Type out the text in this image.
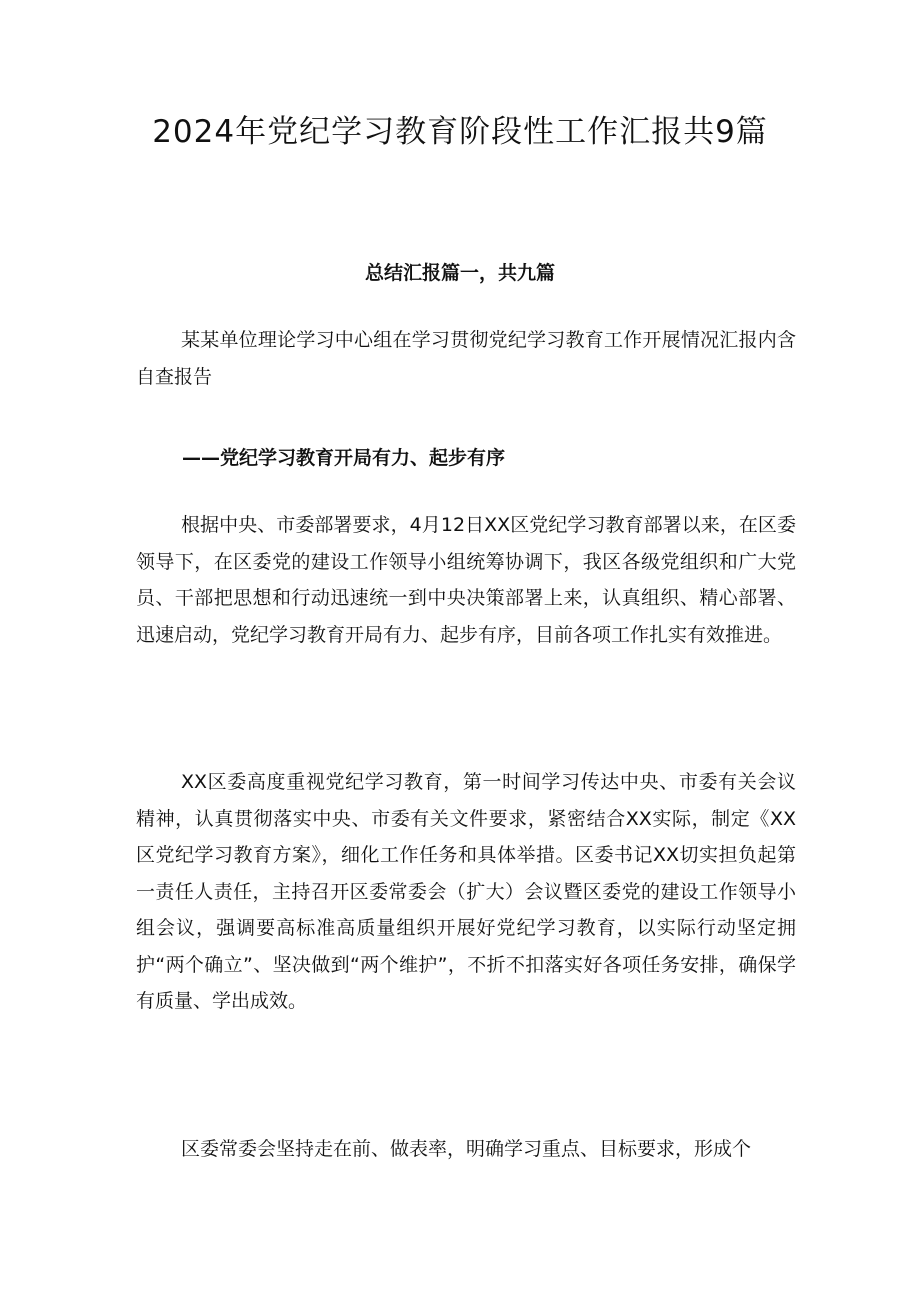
2024年党纪学习教育阶段性工作汇报共9篇
总结汇报篇一，共九篇

某某单位理论学习中心组在学习贯彻党纪学习教育工作开展情况汇报内含自查报告

——党纪学习教育开局有力、起步有序

根据中央、市委部署要求，4月12日XX区党纪学习教育部署以来，在区委领导下，在区委党的建设工作领导小组统筹协调下，我区各级党组织和广大党员、干部把思想和行动迅速统一到中央决策部署上来，认真组织、精心部署、迅速启动，党纪学习教育开局有力、起步有序，目前各项工作扎实有效推进。

XX区委高度重视党纪学习教育，第一时间学习传达中央、市委有关会议精神，认真贯彻落实中央、市委有关文件要求，紧密结合XX实际，制定《XX区党纪学习教育方案》，细化工作任务和具体举措。区委书记XX切实担负起第一责任人责任，主持召开区委常委会（扩大）会议暨区委党的建设工作领导小组会议，强调要高标准高质量组织开展好党纪学习教育，以实际行动坚定拥护“两个确立”、坚决做到“两个维护”，不折不扣落实好各项任务安排，确保学有质量、学出成效。

区委常委会坚持走在前、做表率，明确学习重点、目标要求，形成个
